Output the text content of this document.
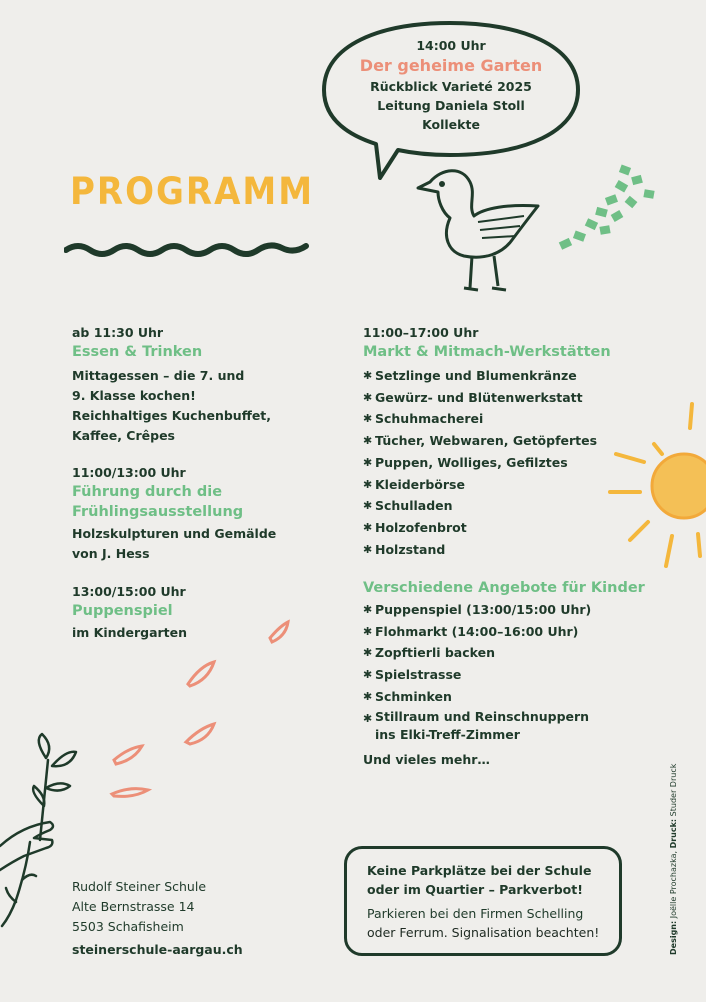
14:00 Uhr
Der geheime Garten
Rückblick Varieté 2025
Leitung Daniela Stoll
Kollekte
PROGRAMM
ab 11:30 Uhr
Essen & Trinken
Mittagessen – die 7. und
9. Klasse kochen!
Reichhaltiges Kuchenbuffet,
Kaffee, Crêpes
11:00/13:00 Uhr
Führung durch die
Frühlingsausstellung
Holzskulpturen und Gemälde
von J. Hess
13:00/15:00 Uhr
Puppenspiel
im Kindergarten
11:00–17:00 Uhr
Markt & Mitmach-Werkstätten
✱ Setzlinge und Blumenkränze
✱ Gewürz- und Blütenwerkstatt
✱ Schuhmacherei
✱ Tücher, Webwaren, Getöpfertes
✱ Puppen, Wolliges, Gefilztes
✱ Kleiderbörse
✱ Schulladen
✱ Holzofenbrot
✱ Holzstand
Verschiedene Angebote für Kinder
✱ Puppenspiel (13:00/15:00 Uhr)
✱ Flohmarkt (14:00–16:00 Uhr)
✱ Zopftierli backen
✱ Spielstrasse
✱ Schminken
✱ Stillraum und Reinschnuppern
ins Elki-Treff-Zimmer
Und vieles mehr…
Rudolf Steiner Schule
Alte Bernstrasse 14
5503 Schafisheim
steinerschule-aargau.ch
Keine Parkplätze bei der Schule
oder im Quartier – Parkverbot!
Parkieren bei den Firmen Schelling
oder Ferrum. Signalisation beachten!	Design: Joëlle Prochazka, Druck: Studer Druck
